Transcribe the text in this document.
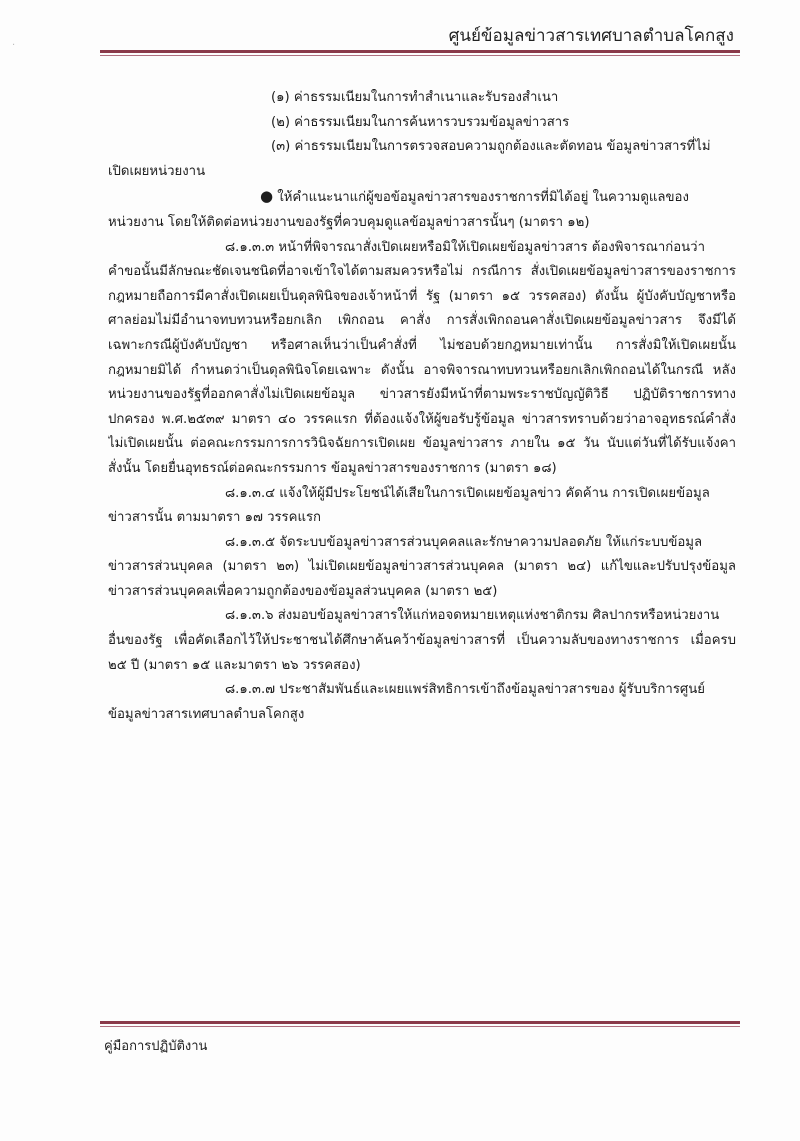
·	ศูนย์ข้อมูลข่าวสารเทศบาลตำบลโคกสูง

(๑) ค่าธรรมเนียมในการทำสำเนาและรับรองสำเนา

(๒) ค่าธรรมเนียมในการค้นหารวบรวมข้อมูลข่าวสาร

(๓) ค่าธรรมเนียมในการตรวจสอบความถูกต้องและตัดทอน ข้อมูลข่าวสารที่ไม่

เปิดเผยหน่วยงาน

● ให้คำแนะนาแก่ผู้ขอข้อมูลข่าวสารของราชการที่มิได้อยู่ ในความดูแลของ

หน่วยงาน โดยให้ติดต่อหน่วยงานของรัฐที่ควบคุมดูแลข้อมูลข่าวสารนั้นๆ (มาตรา ๑๒)

๘.๑.๓.๓ หน้าที่พิจารณาสั่งเปิดเผยหรือมิให้เปิดเผยข้อมูลข่าวสาร ต้องพิจารณาก่อนว่า

คำขอนั้นมีลักษณะชัดเจนชนิดที่อาจเข้าใจได้ตามสมควรหรือไม่ กรณีการ สั่งเปิดเผยข้อมูลข่าวสารของราชการ

กฎหมายถือการมีคาสั่งเปิดเผยเป็นดุลพินิจของเจ้าหน้าที่ รัฐ (มาตรา ๑๕ วรรคสอง) ดังนั้น ผู้บังคับบัญชาหรือ

ศาลย่อมไม่มีอำนาจทบทวนหรือยกเลิก เพิกถอน คาสั่ง การสั่งเพิกถอนคาสั่งเปิดเผยข้อมูลข่าวสาร จึงมีได้

เฉพาะกรณีผู้บังคับบัญชา หรือศาลเห็นว่าเป็นคำสั่งที่ ไม่ชอบด้วยกฎหมายเท่านั้น การสั่งมิให้เปิดเผยนั้น

กฎหมายมิได้ กำหนดว่าเป็นดุลพินิจโดยเฉพาะ ดังนั้น อาจพิจารณาทบทวนหรือยกเลิกเพิกถอนได้ในกรณี หลัง

หน่วยงานของรัฐที่ออกคาสั่งไม่เปิดเผยข้อมูล ข่าวสารยังมีหน้าที่ตามพระราชบัญญัติวิธี ปฏิบัติราชการทาง

ปกครอง พ.ศ.๒๕๓๙ มาตรา ๔๐ วรรคแรก ที่ต้องแจ้งให้ผู้ขอรับรู้ข้อมูล ข่าวสารทราบด้วยว่าอาจอุทธรณ์คำสั่ง

ไม่เปิดเผยนั้น ต่อคณะกรรมการการวินิจฉัยการเปิดเผย ข้อมูลข่าวสาร ภายใน ๑๕ วัน นับแต่วันที่ได้รับแจ้งคา

สั่งนั้น โดยยื่นอุทธรณ์ต่อคณะกรรมการ ข้อมูลข่าวสารของราชการ (มาตรา ๑๘)

๘.๑.๓.๔ แจ้งให้ผู้มีประโยชน์ได้เสียในการเปิดเผยข้อมูลข่าว คัดค้าน การเปิดเผยข้อมูล

ข่าวสารนั้น ตามมาตรา ๑๗ วรรคแรก

๘.๑.๓.๕ จัดระบบข้อมูลข่าวสารส่วนบุคคลและรักษาความปลอดภัย ให้แก่ระบบข้อมูล

ข่าวสารส่วนบุคคล (มาตรา ๒๓) ไม่เปิดเผยข้อมูลข่าวสารส่วนบุคคล (มาตรา ๒๔) แก้ไขและปรับปรุงข้อมูล

ข่าวสารส่วนบุคคลเพื่อความถูกต้องของข้อมูลส่วนบุคคล (มาตรา ๒๕)

๘.๑.๓.๖ ส่งมอบข้อมูลข่าวสารให้แก่หอจดหมายเหตุแห่งชาติกรม ศิลปากรหรือหน่วยงาน

อื่นของรัฐ เพื่อคัดเลือกไว้ให้ประชาชนได้ศึกษาค้นคว้าข้อมูลข่าวสารที่ เป็นความลับของทางราชการ เมื่อครบ

๒๕ ปี (มาตรา ๑๕ และมาตรา ๒๖ วรรคสอง)

๘.๑.๓.๗ ประชาสัมพันธ์และเผยแพร่สิทธิการเข้าถึงข้อมูลข่าวสารของ ผู้รับบริการศูนย์

ข้อมูลข่าวสารเทศบาลตำบลโคกสูง

คู่มือการปฏิบัติงาน
